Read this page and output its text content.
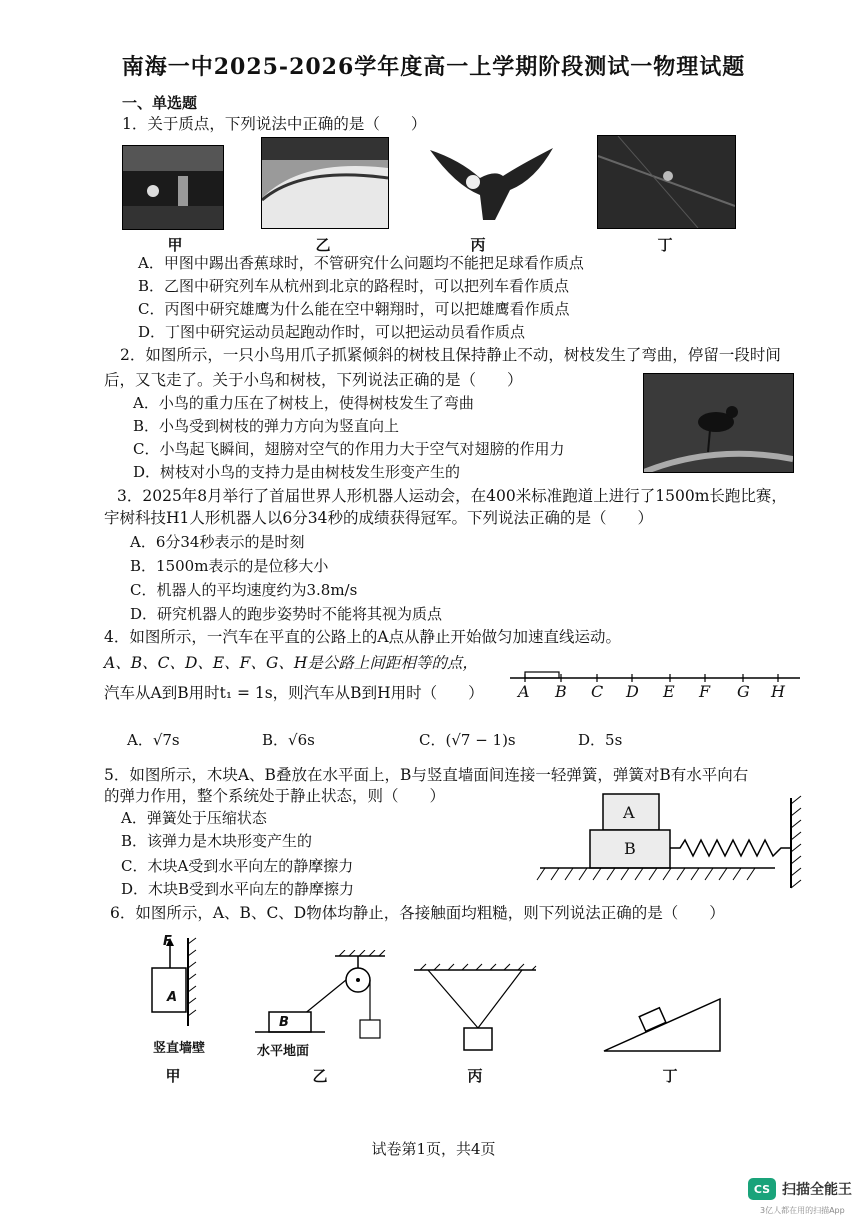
南海一中2025-2026学年度高一上学期阶段测试一物理试题
一、单选题
1．关于质点，下列说法中正确的是（　　）
甲	乙	丙	丁
A．甲图中踢出香蕉球时，不管研究什么问题均不能把足球看作质点
B．乙图中研究列车从杭州到北京的路程时，可以把列车看作质点
C．丙图中研究雄鹰为什么能在空中翱翔时，可以把雄鹰看作质点
D．丁图中研究运动员起跑动作时，可以把运动员看作质点
2．如图所示，一只小鸟用爪子抓紧倾斜的树枝且保持静止不动，树枝发生了弯曲，停留一段时间
后，又飞走了。关于小鸟和树枝，下列说法正确的是（　　）
A．小鸟的重力压在了树枝上，使得树枝发生了弯曲
B．小鸟受到树枝的弹力方向为竖直向上
C．小鸟起飞瞬间，翅膀对空气的作用力大于空气对翅膀的作用力
D．树枝对小鸟的支持力是由树枝发生形变产生的
3．2025年8月举行了首届世界人形机器人运动会，在400米标准跑道上进行了1500m长跑比赛，
宇树科技H1人形机器人以6分34秒的成绩获得冠军。下列说法正确的是（　　）
A．6分34秒表示的是时刻
B．1500m表示的是位移大小
C．机器人的平均速度约为3.8m/s
D．研究机器人的跑步姿势时不能将其视为质点
4．如图所示，一汽车在平直的公路上的A点从静止开始做匀加速直线运动。
A、B、C、D、E、F、G、H是公路上间距相等的点，
汽车从A到B用时t₁ = 1s，则汽车从B到H用时（　　） A B C D E F G H
A．√7s	B．√6s	C．(√7 − 1)s	D．5s
5．如图所示，木块A、B叠放在水平面上，B与竖直墙面间连接一轻弹簧，弹簧对B有水平向右
的弹力作用，整个系统处于静止状态，则（　　）
A．弹簧处于压缩状态
B．该弹力是木块形变产生的
C．木块A受到水平向左的静摩擦力
D．木块B受到水平向左的静摩擦力
A
B
6．如图所示，A、B、C、D物体均静止，各接触面均粗糙，则下列说法正确的是（　　）
F
A
竖直墙壁
甲
B
水平地面
乙	丙	丁
试卷第1页，共4页
CS 扫描全能王
3亿人都在用的扫描App
